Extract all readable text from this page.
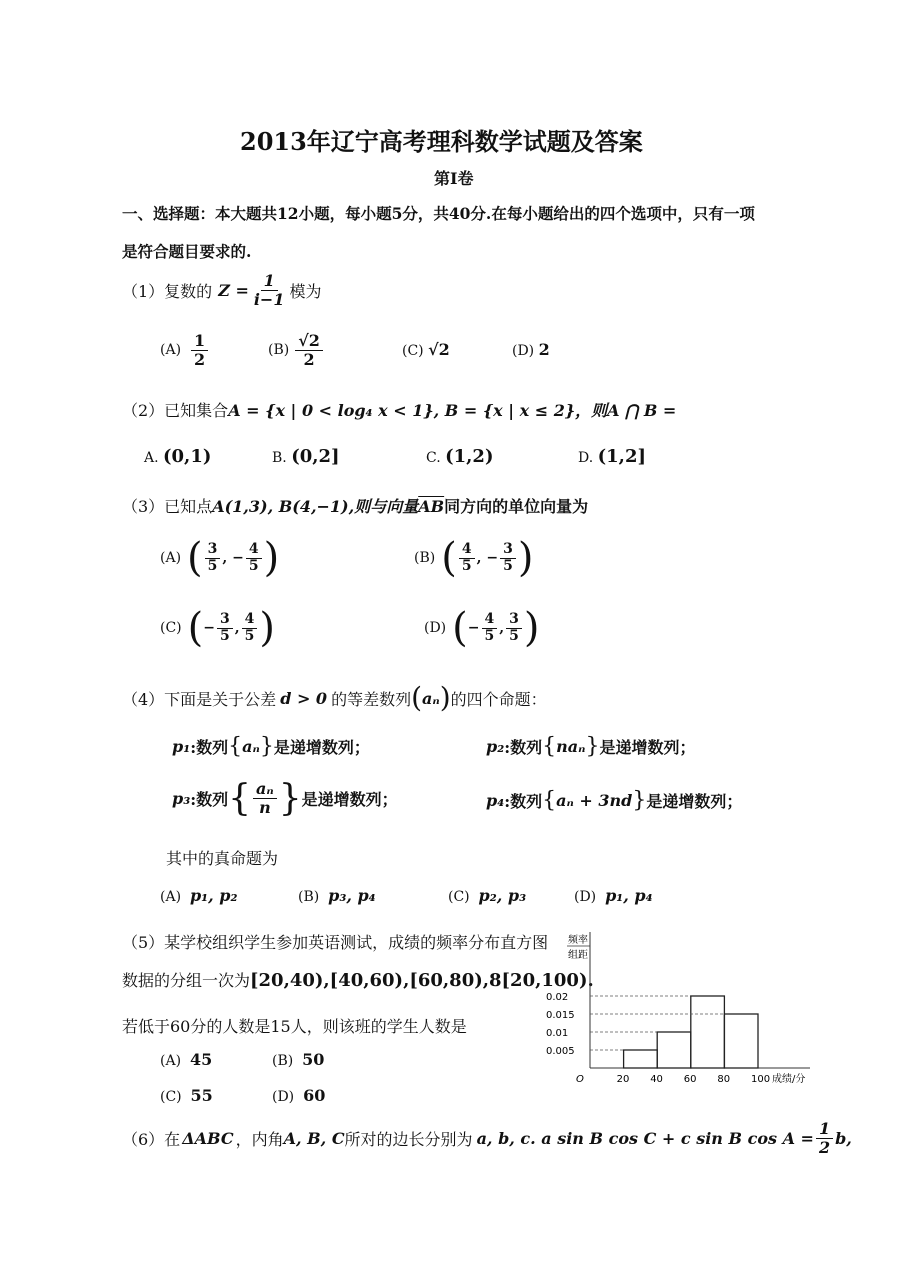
2013年辽宁高考理科数学试题及答案
第I卷
一、选择题：本大题共12小题，每小题5分，共40分.在每小题给出的四个选项中，只有一项
是符合题目要求的.
（1）复数的 $Z = \frac{1}{i-1}$ 模为
$(A) \frac{1}{2}$	$(B) \frac{√2}{2}$	(C) √2	(D) 2
（2）已知集合A = {x | 0 < log₄ x < 1}, B = {x | x ≤ 2}，则A ⋂ B =
A. (0,1)	B. (0,2]	C. (1,2)	D. (1,2]
（3）已知点A(1,3), B(4,−1),则与向量$\overline{AB}$同方向的单位向量为
(A) ( $\frac{3}{5}$ , − $\frac{4}{5}$ )	(B) ( $\frac{4}{5}$ , − $\frac{3}{5}$ )
(C) ( − $\frac{3}{5}$ , $\frac{4}{5}$ )	(D) ( − $\frac{4}{5}$ , $\frac{3}{5}$ )
（4）下面是关于公差 d > 0 的等差数列 ( aₙ ) 的四个命题：
p₁ :数列 { aₙ } 是递增数列；	p₂ :数列 { naₙ } 是递增数列；
p₃ :数列 { $\frac{\text{aₙ}}{n}$ } 是递增数列；	p₄ :数列 { aₙ + 3nd } 是递增数列；
其中的真命题为
(A) p₁, p₂	(B) p₃, p₄	(C) p₂, p₃	(D) p₁, p₄
（5）某学校组织学生参加英语测试，成绩的频率分布直方图
数据的分组一次为[20,40),[40,60),[60,80),8[20,100).
若低于60分的人数是15人，则该班的学生人数是
(A) 45	(B) 50
(C) 55	(D) 60
O
频率
组距
成绩/分
20 40 60 80 100
0.005
0.01
0.015
0.02
（6）在 ΔABC ，内角 A, B, C 所对的边长分别为 a, b, c. a sin B cos C + c sin B $\cos A = \frac{1}{2} b$,
